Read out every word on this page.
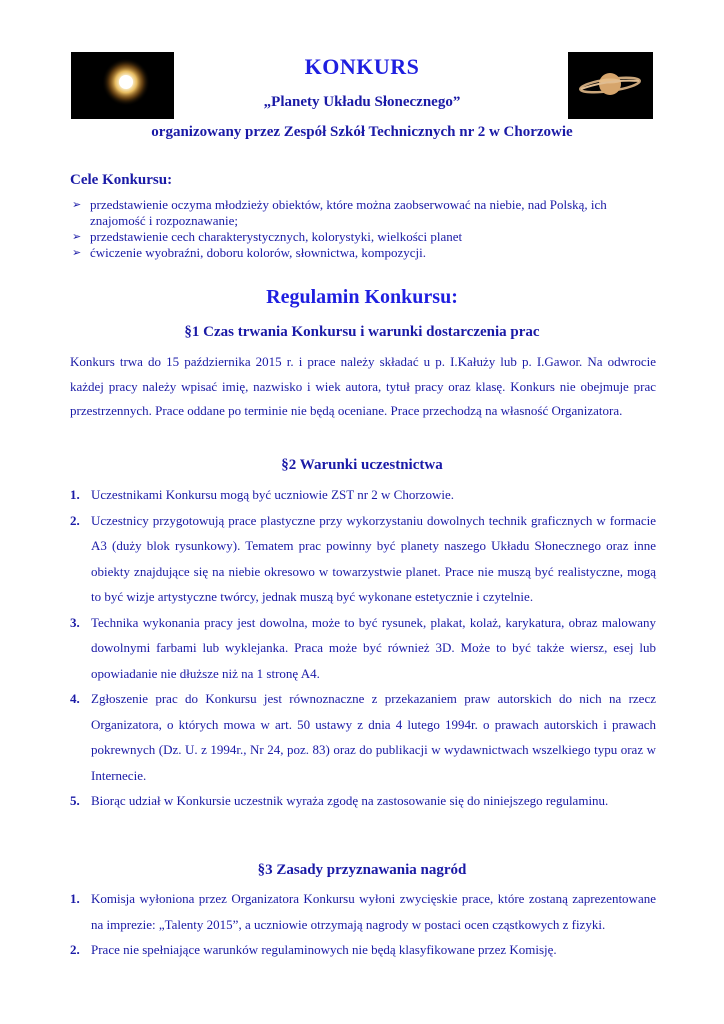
KONKURS
„Planety Układu Słonecznego”
organizowany przez Zespół Szkół Technicznych nr 2 w Chorzowie
Cele Konkursu:
➢ przedstawienie oczyma młodzieży obiektów, które można zaobserwować na niebie, nad Polską, ich znajomość i rozpoznawanie;
➢ przedstawienie cech charakterystycznych, kolorystyki, wielkości planet
➢ ćwiczenie wyobraźni, doboru kolorów, słownictwa, kompozycji.
Regulamin Konkursu:
§1 Czas trwania Konkursu i warunki dostarczenia prac
Konkurs trwa do 15 października 2015 r. i prace należy składać u p. I.Kałuży lub p. I.Gawor. Na odwrocie każdej pracy należy wpisać imię, nazwisko i wiek autora, tytuł pracy oraz klasę. Konkurs nie obejmuje prac przestrzennych. Prace oddane po terminie nie będą oceniane. Prace przechodzą na własność Organizatora.
§2 Warunki uczestnictwa
1. Uczestnikami Konkursu mogą być uczniowie ZST nr 2 w Chorzowie.
2. Uczestnicy przygotowują prace plastyczne przy wykorzystaniu dowolnych technik graficznych w formacie A3 (duży blok rysunkowy). Tematem prac powinny być planety naszego Układu Słonecznego oraz inne obiekty znajdujące się na niebie okresowo w towarzystwie planet. Prace nie muszą być realistyczne, mogą to być wizje artystyczne twórcy, jednak muszą być wykonane estetycznie i czytelnie.
3. Technika wykonania pracy jest dowolna, może to być rysunek, plakat, kolaż, karykatura, obraz malowany dowolnymi farbami lub wyklejanka. Praca może być również 3D. Może to być także wiersz, esej lub opowiadanie nie dłuższe niż na 1 stronę A4.
4. Zgłoszenie prac do Konkursu jest równoznaczne z przekazaniem praw autorskich do nich na rzecz Organizatora, o których mowa w art. 50 ustawy z dnia 4 lutego 1994r. o prawach autorskich i prawach pokrewnych (Dz. U. z 1994r., Nr 24, poz. 83) oraz do publikacji w wydawnictwach wszelkiego typu oraz w Internecie.
5. Biorąc udział w Konkursie uczestnik wyraża zgodę na zastosowanie się do niniejszego regulaminu.
§3 Zasady przyznawania nagród
1. Komisja wyłoniona przez Organizatora Konkursu wyłoni zwycięskie prace, które zostaną zaprezentowane na imprezie: „Talenty 2015”, a uczniowie otrzymają nagrody w postaci ocen cząstkowych z fizyki.
2. Prace nie spełniające warunków regulaminowych nie będą klasyfikowane przez Komisję.
